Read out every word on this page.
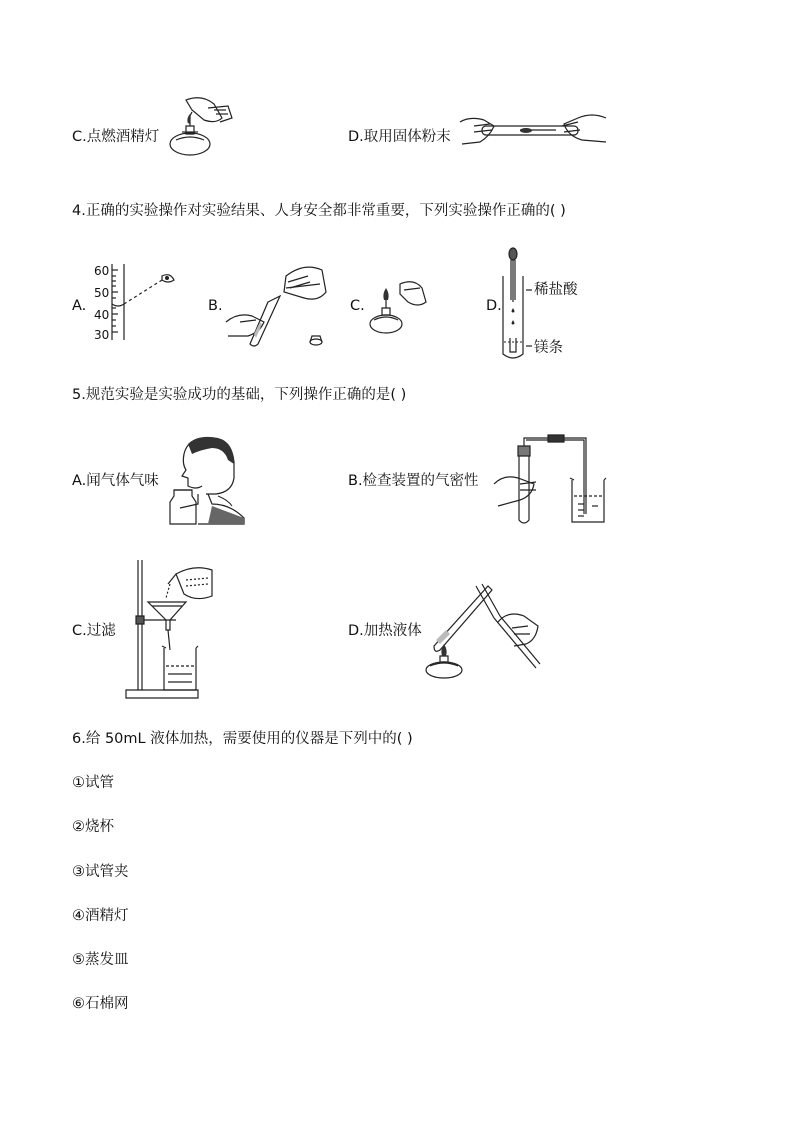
C.点燃酒精灯	D.取用固体粉末
4.正确的实验操作对实验结果、人身安全都非常重要，下列实验操作正确的( )
A.
60
50
40
30
B.	C.	D.
稀盐酸
镁条
5.规范实验是实验成功的基础，下列操作正确的是( )
A.闻气体气味	B.检查装置的气密性
C.过滤	D.加热液体
6.给 50mL 液体加热，需要使用的仪器是下列中的( )
①试管
②烧杯
③试管夹
④酒精灯
⑤蒸发皿
⑥石棉网
